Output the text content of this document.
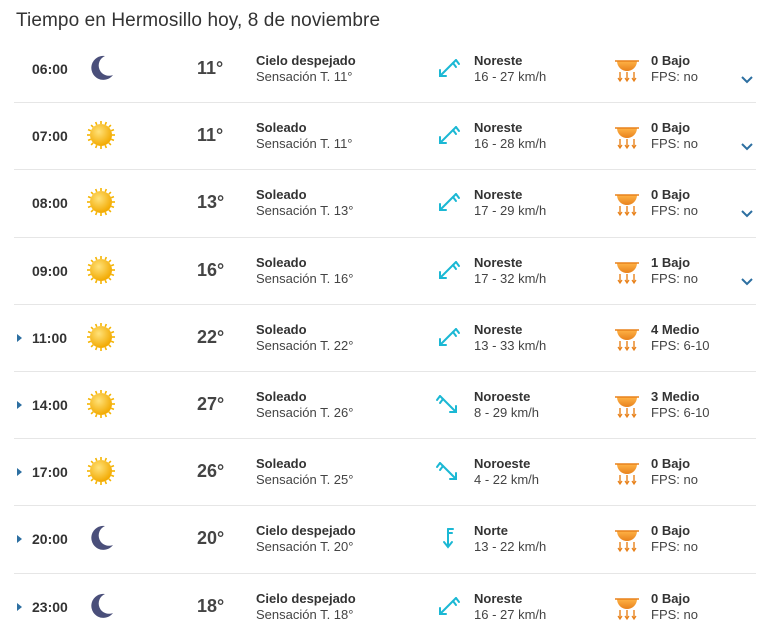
Tiempo en Hermosillo hoy, 8 de noviembre
06:00	11°	Cielo despejado
Sensación T. 11°
Noreste
16 - 27 km/h
0 Bajo
FPS: no
07:00	11°	Soleado
Sensación T. 11°
Noreste
16 - 28 km/h
0 Bajo
FPS: no
08:00	13° Soleado
Sensación T. 13°
Noreste
17 - 29 km/h
0 Bajo
FPS: no
09:00	16° Soleado
Sensación T. 16°
Noreste
17 - 32 km/h
1 Bajo
FPS: no
11:00	22° Soleado
Sensación T. 22°
Noreste
13 - 33 km/h
4 Medio
FPS: 6-10
14:00	27° Soleado
Sensación T. 26°
Noroeste
8 - 29 km/h
3 Medio
FPS: 6-10
17:00	26° Soleado
Sensación T. 25°
Noroeste
4 - 22 km/h
0 Bajo
FPS: no
20:00	20° Cielo despejado
Sensación T. 20°
Norte
13 - 22 km/h
0 Bajo
FPS: no
23:00	18° Cielo despejado
Sensación T. 18°
Noreste
16 - 27 km/h
0 Bajo
FPS: no
